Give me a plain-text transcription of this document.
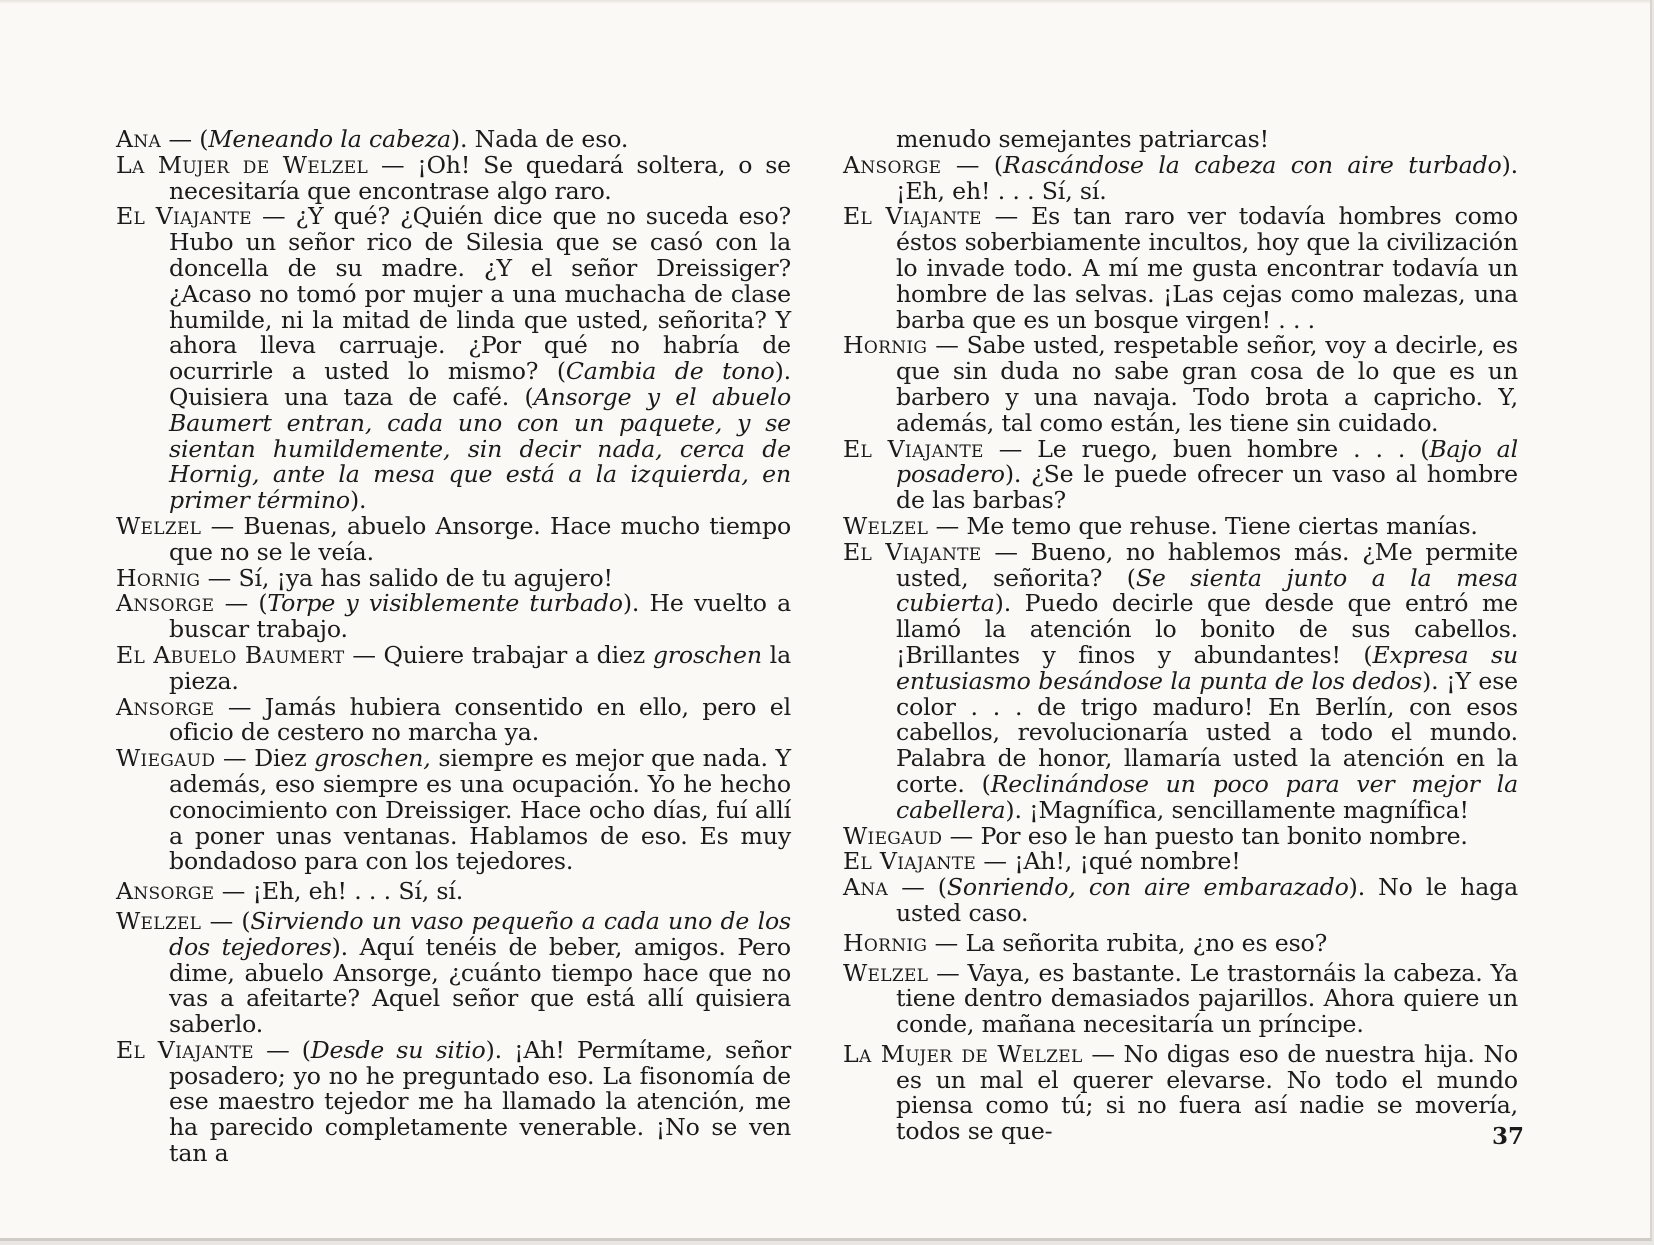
Ana — (Meneando la cabeza). Nada de eso.

La Mujer de Welzel — ¡Oh! Se quedará soltera, o se necesitaría que encontrase algo raro.

El Viajante — ¿Y qué? ¿Quién dice que no suceda eso? Hubo un señor rico de Silesia que se casó con la doncella de su madre. ¿Y el señor Dreissiger? ¿Acaso no tomó por mujer a una muchacha de clase humilde, ni la mitad de linda que usted, señorita? Y ahora lleva carruaje. ¿Por qué no habría de ocurrirle a usted lo mismo? (Cambia de tono). Quisiera una taza de café. (Ansorge y el abuelo Baumert entran, cada uno con un paquete, y se sientan humildemente, sin decir nada, cerca de Hornig, ante la mesa que está a la izquierda, en primer término).

Welzel — Buenas, abuelo Ansorge. Hace mucho tiempo que no se le veía.

Hornig — Sí, ¡ya has salido de tu agujero!

Ansorge — (Torpe y visiblemente turbado). He vuelto a buscar trabajo.

El Abuelo Baumert — Quiere trabajar a diez groschen la pieza.

Ansorge — Jamás hubiera consentido en ello, pero el oficio de cestero no marcha ya.

Wiegaud — Diez groschen, siempre es mejor que nada. Y además, eso siempre es una ocupación. Yo he hecho conocimiento con Dreissiger. Hace ocho días, fuí allí a poner unas ventanas. Hablamos de eso. Es muy bondadoso para con los tejedores.

Ansorge — ¡Eh, eh! . . . Sí, sí.

Welzel — (Sirviendo un vaso pequeño a cada uno de los dos tejedores). Aquí tenéis de beber, amigos. Pero dime, abuelo Ansorge, ¿cuánto tiempo hace que no vas a afeitarte? Aquel señor que está allí quisiera saberlo.

El Viajante — (Desde su sitio). ¡Ah! Permítame, señor posadero; yo no he preguntado eso. La fisonomía de ese maestro tejedor me ha llamado la atención, me ha parecido completamente venerable. ¡No se ven tan a

menudo semejantes patriarcas!

Ansorge — (Rascándose la cabeza con aire turbado). ¡Eh, eh! . . . Sí, sí.

El Viajante — Es tan raro ver todavía hombres como éstos soberbiamente incultos, hoy que la civilización lo invade todo. A mí me gusta encontrar todavía un hombre de las selvas. ¡Las cejas como malezas, una barba que es un bosque virgen! . . .

Hornig — Sabe usted, respetable señor, voy a decirle, es que sin duda no sabe gran cosa de lo que es un barbero y una navaja. Todo brota a capricho. Y, además, tal como están, les tiene sin cuidado.

El Viajante — Le ruego, buen hombre . . . (Bajo al posadero). ¿Se le puede ofrecer un vaso al hombre de las barbas?

Welzel — Me temo que rehuse. Tiene ciertas manías.

El Viajante — Bueno, no hablemos más. ¿Me permite usted, señorita? (Se sienta junto a la mesa cubierta). Puedo decirle que desde que entró me llamó la atención lo bonito de sus cabellos. ¡Brillantes y finos y abundantes! (Expresa su entusiasmo besándose la punta de los dedos). ¡Y ese color . . . de trigo maduro! En Berlín, con esos cabellos, revolucionaría usted a todo el mundo. Palabra de honor, llamaría usted la atención en la corte. (Reclinándose un poco para ver mejor la cabellera). ¡Magnífica, sencillamente magnífica!

Wiegaud — Por eso le han puesto tan bonito nombre.

El Viajante — ¡Ah!, ¡qué nombre!

Ana — (Sonriendo, con aire embarazado). No le haga usted caso.

Hornig — La señorita rubita, ¿no es eso?

Welzel — Vaya, es bastante. Le trastornáis la cabeza. Ya tiene dentro demasiados pajarillos. Ahora quiere un conde, mañana necesitaría un príncipe.

La Mujer de Welzel — No digas eso de nuestra hija. No es un mal el querer elevarse. No todo el mundo piensa como tú; si no fuera así nadie se movería, todos se que-	37
